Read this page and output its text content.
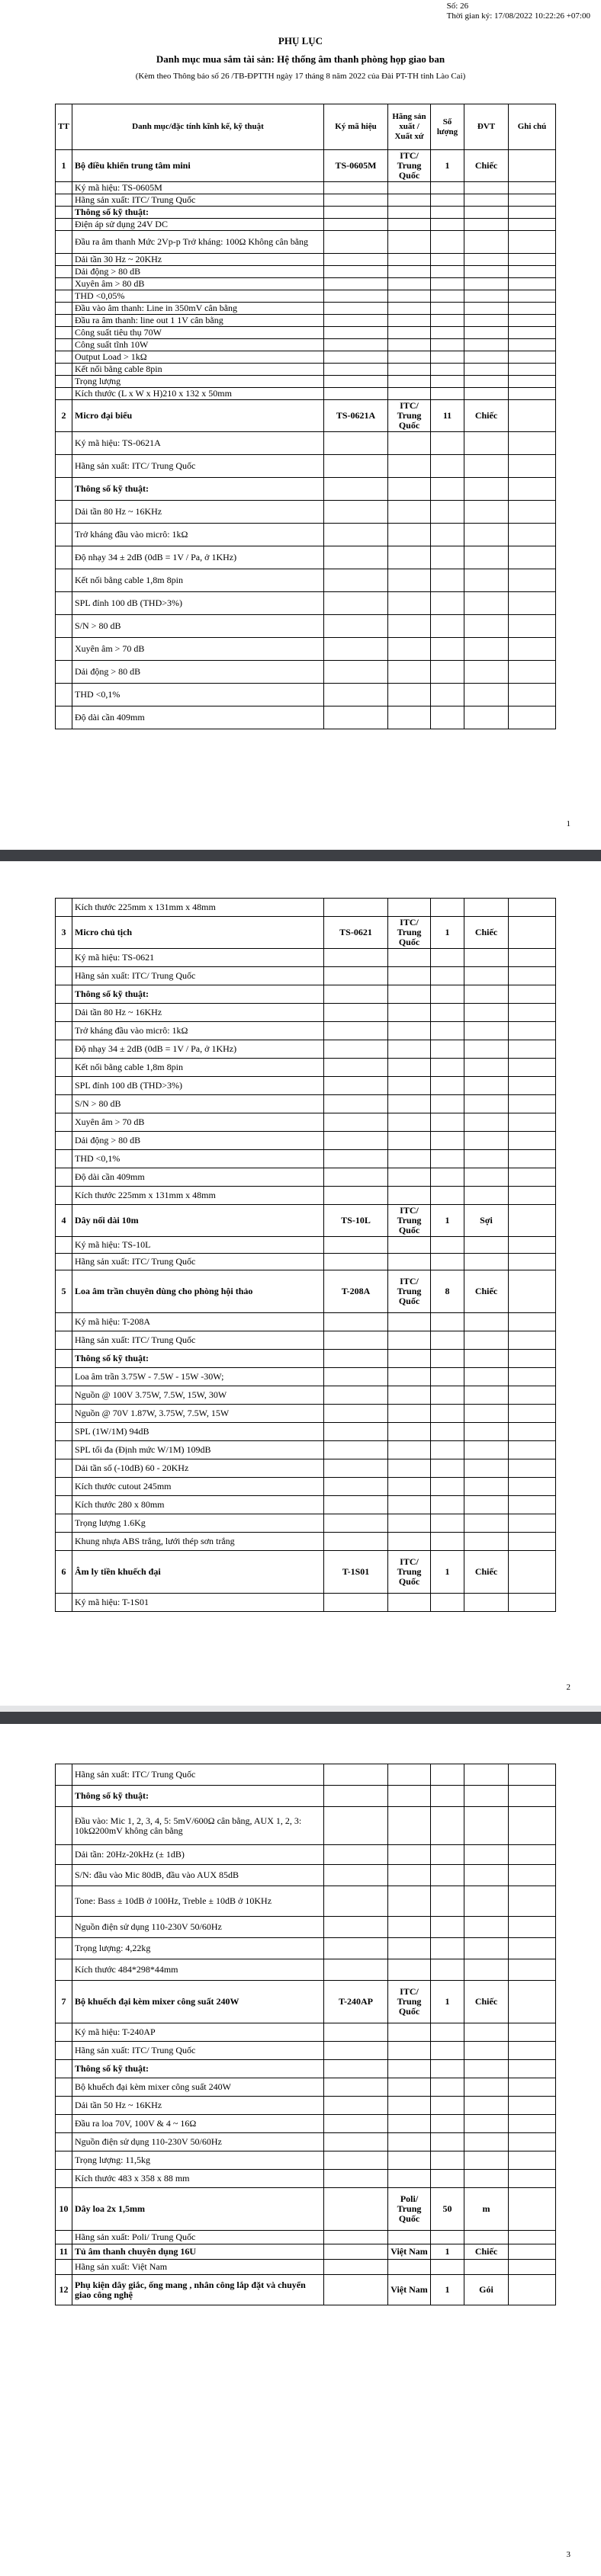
Số: 26
Thời gian ký: 17/08/2022 10:22:26 +07:00
PHỤ LỤC
Danh mục mua sắm tài sản: Hệ thống âm thanh phòng họp giao ban
(Kèm theo Thông báo số 26 /TB-ĐPTTH ngày 17 tháng 8 năm 2022 của Đài PT-TH tỉnh Lào Cai)
TT	Danh mục/đặc tính kĩnh kế, kỹ thuật	Ký mã hiệu	Hãng sản xuất / Xuất xứ	Số lượng	ĐVT	Ghi chú
1	Bộ điều khiển trung tâm mini	TS-0605M	ITC/ Trung Quốc	1	Chiếc	
	Ký mã hiệu: TS-0605M					
	Hãng sản xuất: ITC/ Trung Quốc					
	Thông số kỹ thuật:					
	Điện áp sử dụng 24V DC					
	Đầu ra âm thanh Mức 2Vp-p Trở kháng: 100Ω Không cân bằng					
	Dải tần 30 Hz ~ 20KHz					
	Dải động > 80 dB					
	Xuyên âm > 80 dB					
	THD <0,05%					
	Đầu vào âm thanh: Line in 350mV cân bằng					
	Đầu ra âm thanh: line out 1 1V cân bằng					
	Công suất tiêu thụ 70W					
	Công suất tĩnh 10W					
	Output Load > 1kΩ					
	Kết nối bằng cable 8pin					
	Trọng lượng					
	Kích thước (L x W x H)210 x 132 x 50mm					
2	Micro đại biểu	TS-0621A	ITC/ Trung Quốc	11	Chiếc	
	Ký mã hiệu: TS-0621A					
	Hãng sản xuất: ITC/ Trung Quốc					
	Thông số kỹ thuật:					
	Dải tần 80 Hz ~ 16KHz					
	Trở kháng đầu vào micrô: 1kΩ					
	Độ nhạy 34 ± 2dB (0dB = 1V / Pa, ở 1KHz)					
	Kết nối bằng cable 1,8m 8pin					
	SPL đỉnh 100 dB (THD>3%)					
	S/N > 80 dB					
	Xuyên âm > 70 dB					
	Dải động > 80 dB					
	THD <0,1%					
	Độ dài cần 409mm					
1
	Kích thước 225mm x 131mm x 48mm					
3	Micro chủ tịch	TS-0621	ITC/ Trung Quốc	1	Chiếc	
	Ký mã hiệu: TS-0621					
	Hãng sản xuất: ITC/ Trung Quốc					
	Thông số kỹ thuật:					
	Dải tần 80 Hz ~ 16KHz					
	Trở kháng đầu vào micrô: 1kΩ					
	Độ nhạy 34 ± 2dB (0dB = 1V / Pa, ở 1KHz)					
	Kết nối bằng cable 1,8m 8pin					
	SPL đỉnh 100 dB (THD>3%)					
	S/N > 80 dB					
	Xuyên âm > 70 dB					
	Dải động > 80 dB					
	THD <0,1%					
	Độ dài cần 409mm					
	Kích thước 225mm x 131mm x 48mm					
4	Dây nối dài 10m	TS-10L	ITC/ Trung Quốc	1	Sợi	
	Ký mã hiệu: TS-10L					
	Hãng sản xuất: ITC/ Trung Quốc					
5	Loa âm trần chuyên dùng cho phòng hội thảo	T-208A	ITC/ Trung Quốc	8	Chiếc	
	Ký mã hiệu: T-208A					
	Hãng sản xuất: ITC/ Trung Quốc					
	Thông số kỹ thuật:					
	Loa âm trần 3.75W - 7.5W - 15W -30W;					
	Nguồn @ 100V 3.75W, 7.5W, 15W, 30W					
	Nguồn @ 70V 1.87W, 3.75W, 7.5W, 15W					
	SPL (1W/1M) 94dB					
	SPL tối đa (Định mức W/1M) 109dB					
	Dải tần số (-10dB) 60 - 20KHz					
	Kích thước cutout 245mm					
	Kích thước 280 x 80mm					
	Trọng lượng 1.6Kg					
	Khung nhựa ABS trắng, lưới thép sơn trắng					
6	Âm ly tiền khuếch đại	T-1S01	ITC/ Trung Quốc	1	Chiếc	
	Ký mã hiệu: T-1S01					
2
	Hãng sản xuất: ITC/ Trung Quốc					
	Thông số kỹ thuật:					
	Đầu vào: Mic 1, 2, 3, 4, 5: 5mV/600Ω cân bằng, AUX 1, 2, 3: 10kΩ200mV không cân bằng					
	Dải tần: 20Hz-20kHz (± 1dB)					
	S/N: đầu vào Mic 80dB, đầu vào AUX 85dB					
	Tone: Bass ± 10dB ở 100Hz, Treble ± 10dB ở 10KHz					
	Nguồn điện sử dụng 110-230V 50/60Hz					
	Trọng lượng: 4,22kg					
	Kích thước 484*298*44mm					
7	Bộ khuếch đại kèm mixer công suất 240W	T-240AP	ITC/ Trung Quốc	1	Chiếc	
	Ký mã hiệu: T-240AP					
	Hãng sản xuất: ITC/ Trung Quốc					
	Thông số kỹ thuật:					
	Bộ khuếch đại kèm mixer công suất 240W					
	Dải tần 50 Hz ~ 16KHz					
	Đầu ra loa 70V, 100V & 4 ~ 16Ω					
	Nguồn điện sử dụng 110-230V 50/60Hz					
	Trọng lượng: 11,5kg					
	Kích thước 483 x 358 x 88 mm					
10	Dây loa 2x 1,5mm		Poli/ Trung Quốc	50	m	
	Hãng sản xuất: Poli/ Trung Quốc					
11	Tủ âm thanh chuyên dụng 16U		Việt Nam	1	Chiếc	
	Hãng sản xuất: Việt Nam					
12	Phụ kiện dây giắc, ống mang , nhân công lắp đặt và chuyển giao công nghệ		Việt Nam	1	Gói	
3
